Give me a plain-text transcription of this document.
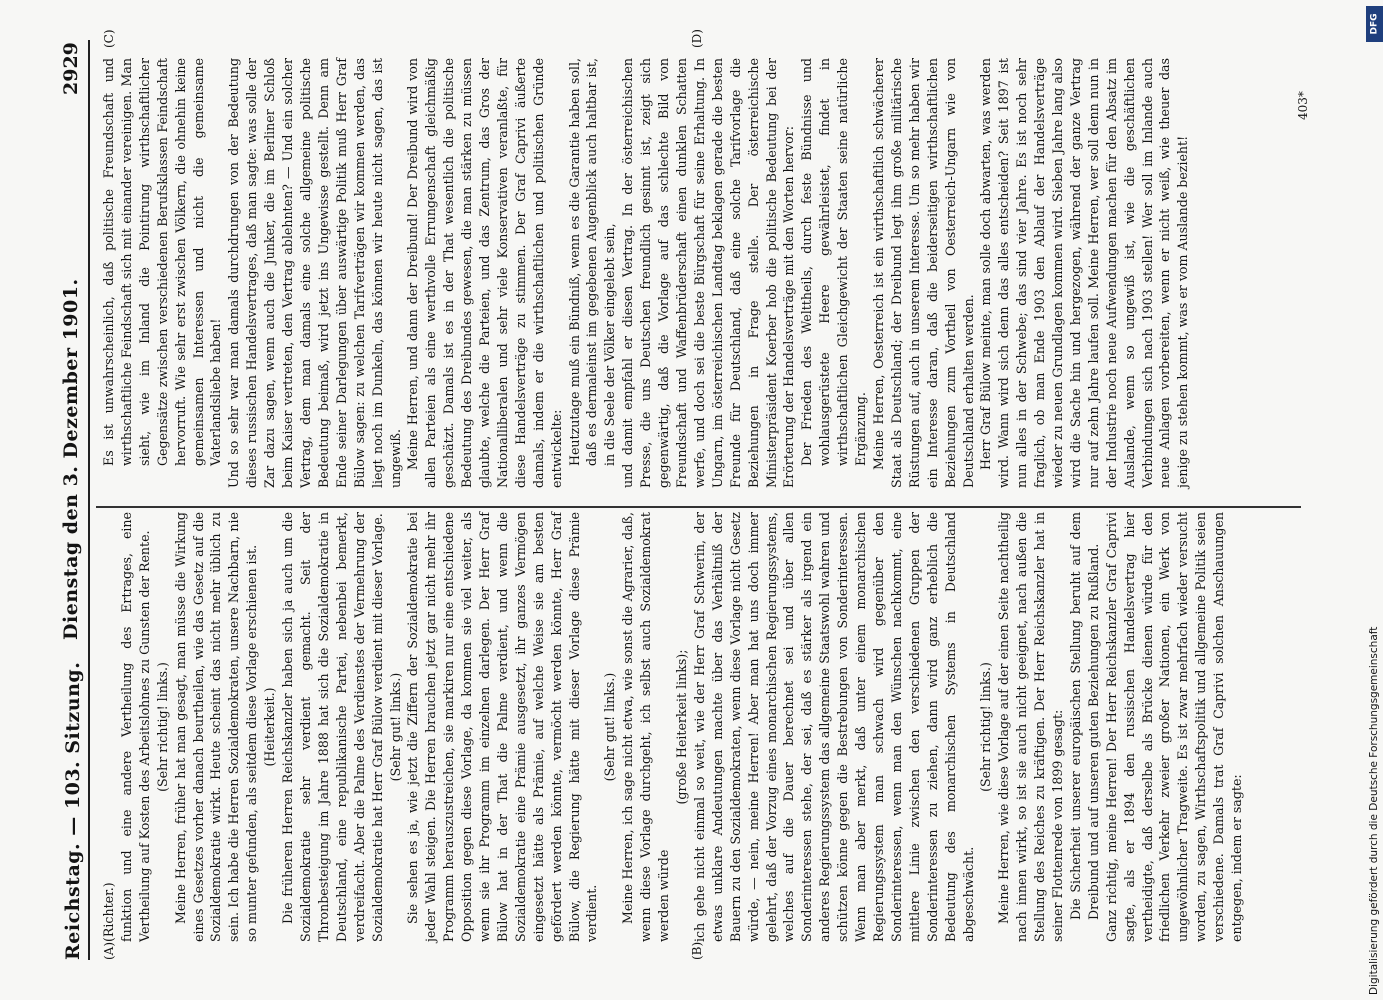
Reichstag. — 103. Sitzung.
Dienstag den 3. Dezember 1901.
2929
(A)	(B)
(C)	(D)

(Richter.) funktion und eine andere Vertheilung des Ertrages, eine Vertheilung auf Kosten des Arbeitslohnes zu Gunsten der Rente. (Sehr richtig! links.) Meine Herren, früher hat man gesagt, man müsse die Wirkung eines Gesetzes vorher danach beurtheilen, wie das Gesetz auf die Sozialdemokratie wirkt. Heute scheint das nicht mehr üblich zu sein. Ich habe die Herren Sozialdemokraten, unsere Nachbarn, nie so munter gefunden, als seitdem diese Vorlage erschienen ist. (Heiterkeit.) Die früheren Herren Reichskanzler haben sich ja auch um die Sozialdemokratie sehr verdient gemacht. Seit der Thronbesteigung im Jahre 1888 hat sich die Sozialdemokratie in Deutschland, eine republikanische Partei, nebenbei bemerkt, verdreifacht. Aber die Palme des Verdienstes der Vermehrung der Sozialdemokratie hat Herr Graf Bülow verdient mit dieser Vorlage. (Sehr gut! links.) Sie sehen es ja, wie jetzt die Ziffern der Sozialdemokratie bei jeder Wahl steigen. Die Herren brauchen jetzt gar nicht mehr ihr Programm herauszustreichen, sie markiren nur eine entschiedene Opposition gegen diese Vorlage, da kommen sie viel weiter, als wenn sie ihr Programm im einzelnen darlegen. Der Herr Graf Bülow hat in der That die Palme verdient, und wenn die Sozialdemokratie eine Prämie ausgesetzt, ihr ganzes Vermögen eingesetzt hätte als Prämie, auf welche Weise sie am besten gefördert werden könnte, vermöcht werden könnte, Herr Graf Bülow, die Regierung hätte mit dieser Vorlage diese Prämie verdient.

(Sehr gut! links.) Meine Herren, ich sage nicht etwa, wie sonst die Agrarier, daß, wenn diese Vorlage durchgeht, ich selbst auch Sozialdemokrat werden würde

(große Heiterkeit links); ich gehe nicht einmal so weit, wie der Herr Graf Schwerin, der etwas unklare Andeutungen machte über das Verhältniß der Bauern zu den Sozialdemokraten, wenn diese Vorlage nicht Gesetz würde, — nein, meine Herren! Aber man hat uns doch immer gelehrt, daß der Vorzug eines monarchischen Regierungssystems, welches auf die Dauer berechnet sei und über allen Sonderinteressen stehe, der sei, daß es stärker als irgend ein anderes Regierungssystem das allgemeine Staatswohl wahren und schützen könne gegen die Bestrebungen von Sonderinteressen. Wenn man aber merkt, daß unter einem monarchischen Regierungssystem man schwach wird gegenüber den Sonderinteressen, wenn man den Wünschen nachkommt, eine mittlere Linie zwischen den verschiedenen Gruppen der Sonderinteressen zu ziehen, dann wird ganz erheblich die Bedeutung des monarchischen Systems in Deutschland abgeschwächt.

(Sehr richtig! links.) Meine Herren, wie diese Vorlage auf der einen Seite nachtheilig nach innen wirkt, so ist sie auch nicht geeignet, nach außen die Stellung des Reiches zu kräftigen. Der Herr Reichskanzler hat in seiner Flottenrede von 1899 gesagt: Die Sicherheit unserer europäischen Stellung beruht auf dem Dreibund und auf unseren guten Beziehungen zu Rußland. Ganz richtig, meine Herren! Der Herr Reichskanzler Graf Caprivi sagte, als er 1894 den russischen Handelsvertrag hier vertheidigte, daß derselbe als Brücke dienen würde für den friedlichen Verkehr zweier großer Nationen, ein Werk von ungewöhnlicher Tragweite. Es ist zwar mehrfach wieder versucht worden, zu sagen, Wirthschaftspolitik und allgemeine Politik seien verschiedene. Damals trat Graf Caprivi solchen Anschauungen entgegen, indem er sagte:

Es ist unwahrscheinlich, daß politische Freundschaft und wirthschaftliche Feindschaft sich mit einander vereinigen. Man sieht, wie im Inland die Pointirung wirthschaftlicher Gegensätze zwischen verschiedenen Berufsklassen Feindschaft hervorruft. Wie sehr erst zwischen Völkern, die ohnehin keine gemeinsamen Interessen und nicht die gemeinsame Vaterlandsliebe haben! Und so sehr war man damals durchdrungen von der Bedeutung dieses russischen Handelsvertrages, daß man sagte: was solle der Zar dazu sagen, wenn auch die Junker, die im Berliner Schloß beim Kaiser vertreten, den Vertrag ablehnten? — Und ein solcher Vertrag, dem man damals eine solche allgemeine politische Bedeutung beimaß, wird jetzt ins Ungewisse gestellt. Denn am Ende seiner Darlegungen über auswärtige Politik muß Herr Graf Bülow sagen: zu welchen Tarifverträgen wir kommen werden, das liegt noch im Dunkeln, das können wir heute nicht sagen, das ist ungewiß. Meine Herren, und dann der Dreibund! Der Dreibund wird von allen Parteien als eine werthvolle Errungenschaft gleichmäßig geschätzt. Damals ist es in der That wesentlich die politische Bedeutung des Dreibundes gewesen, die man stärken zu müssen glaubte, welche die Parteien, und das Zentrum, das Gros der Nationalliberalen und sehr viele Konservativen veranlaßte, für diese Handelsverträge zu stimmen. Der Graf Caprivi äußerte damals, indem er die wirthschaftlichen und politischen Gründe entwickelte: Heutzutage muß ein Bündniß, wenn es die Garantie haben soll, daß es dermaleinst im gegebenen Augenblick auch haltbar ist, in die Seele der Völker eingelebt sein, und damit empfahl er diesen Vertrag. In der österreichischen Presse, die uns Deutschen freundlich gesinnt ist, zeigt sich gegenwärtig, daß die Vorlage auf das schlechte Bild von Freundschaft und Waffenbrüderschaft einen dunklen Schatten werfe, und doch sei die beste Bürgschaft für seine Erhaltung. In Ungarn, im österreichischen Landtag beklagen gerade die besten Freunde für Deutschland, daß eine solche Tarifvorlage die Beziehungen in Frage stelle. Der österreichische Ministerpräsident Koerber hob die politische Bedeutung bei der Erörterung der Handelsverträge mit den Worten hervor: Der Frieden des Welttheils, durch feste Bündnisse und wohlausgerüstete Heere gewährleistet, findet in wirthschaftlichen Gleichgewicht der Staaten seine natürliche Ergänzung. Meine Herren, Oesterreich ist ein wirthschaftlich schwächerer Staat als Deutschland; der Dreibund legt ihm große militärische Rüstungen auf, auch in unserem Interesse. Um so mehr haben wir ein Interesse daran, daß die beiderseitigen wirthschaftlichen Beziehungen zum Vortheil von Oesterreich-Ungarn wie von Deutschland erhalten werden. Herr Graf Bülow meinte, man solle doch abwarten, was werden wird. Wann wird sich denn das alles entscheiden? Seit 1897 ist nun alles in der Schwebe; das sind vier Jahre. Es ist noch sehr fraglich, ob man Ende 1903 den Ablauf der Handelsverträge wieder zu neuen Grundlagen kommen wird. Sieben Jahre lang also wird die Sache hin und hergezogen, während der ganze Vertrag nur auf zehn Jahre laufen soll. Meine Herren, wer soll denn nun in der Industrie noch neue Aufwendungen machen für den Absatz im Auslande, wenn so ungewiß ist, wie die geschäftlichen Verbindungen sich nach 1903 stellen! Wer soll im Inlande auch neue Anlagen vorbereiten, wenn er nicht weiß, wie theuer das jenige zu stehen kommt, was er vom Auslande bezieht!

403*
DFG
Digitalisierung gefördert durch die Deutsche Forschungsgemeinschaft
